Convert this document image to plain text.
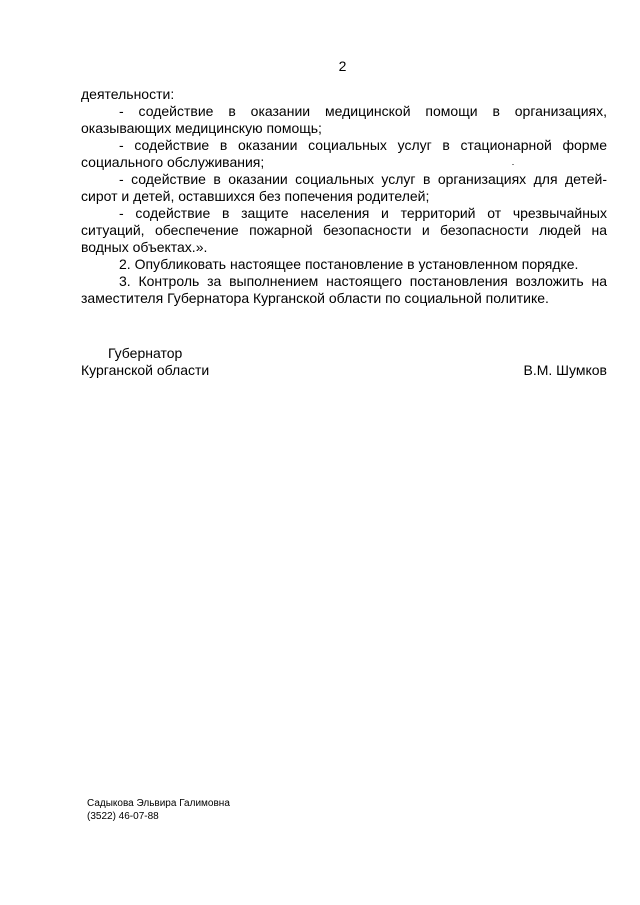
2

деятельности:

- содействие в оказании медицинской помощи в организациях, оказывающих медицинскую помощь;

- содействие в оказании социальных услуг в стационарной форме социального обслуживания;

- содействие в оказании социальных услуг в организациях для детей-сирот и детей, оставшихся без попечения родителей;

- содействие в защите населения и территорий от чрезвычайных ситуаций, обеспечение пожарной безопасности и безопасности людей на водных объектах.».

2. Опубликовать настоящее постановление в установленном порядке.

3. Контроль за выполнением настоящего постановления возложить на заместителя Губернатора Курганской области по социальной политике.

Губернатор
Курганской области	В.М. Шумков
Садыкова Эльвира Галимовна
(3522) 46-07-88
